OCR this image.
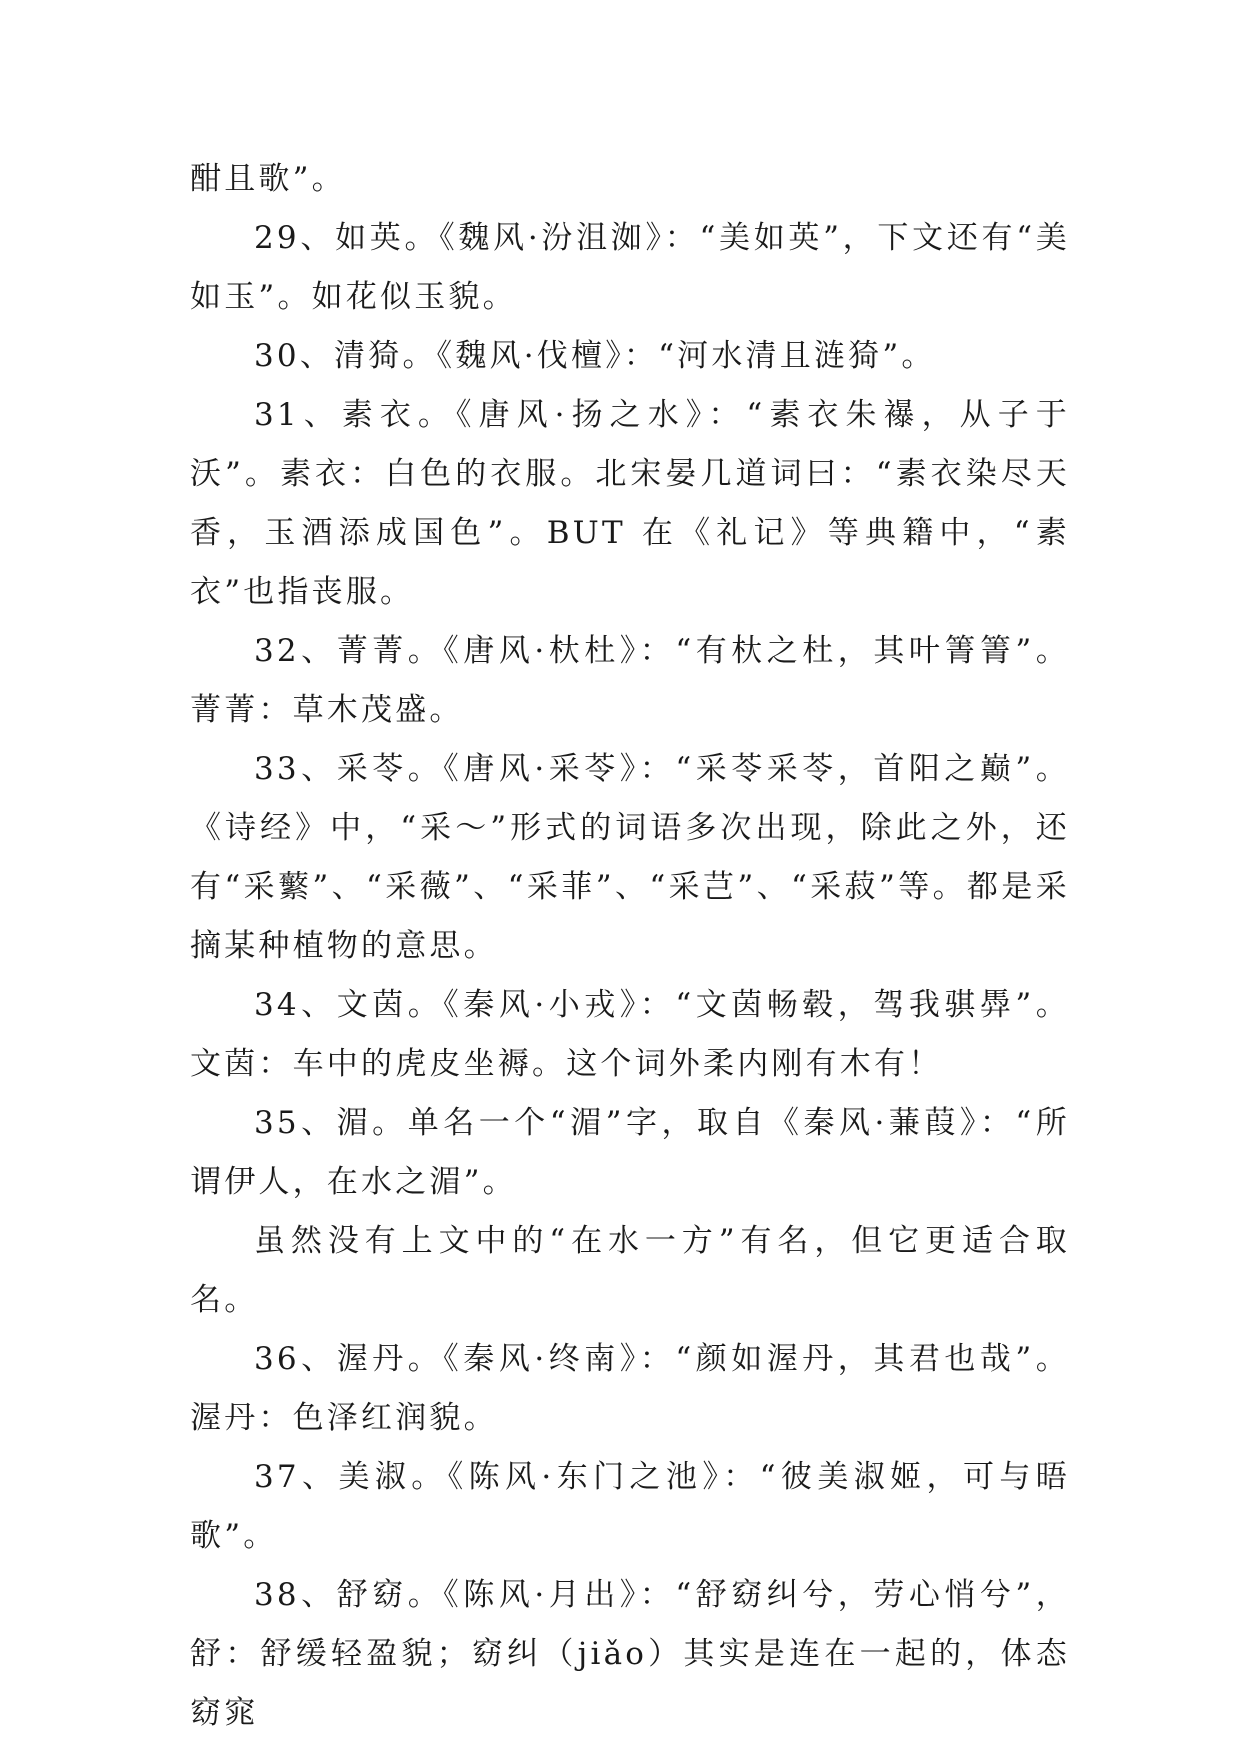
酣且歌”。

29、如英。《魏风·汾沮洳》：“美如英”，下文还有“美如玉”。如花似玉貌。

30、清猗。《魏风·伐檀》：“河水清且涟猗”。

31、素衣。《唐风·扬之水》：“素衣朱襮，从子于沃”。素衣：白色的衣服。北宋晏几道词曰：“素衣染尽天香，玉酒添成国色”。BUT 在《礼记》等典籍中，“素衣”也指丧服。

32、菁菁。《唐风·杕杜》：“有杕之杜，其叶箐箐”。菁菁：草木茂盛。

33、采苓。《唐风·采苓》：“采苓采苓，首阳之巅”。《诗经》中，“采～”形式的词语多次出现，除此之外，还有“采蘩”、“采薇”、“采菲”、“采芑”、“采菽”等。都是采摘某种植物的意思。

34、文茵。《秦风·小戎》：“文茵畅毂，驾我骐馵”。文茵：车中的虎皮坐褥。这个词外柔内刚有木有！

35、湄。单名一个“湄”字，取自《秦风·蒹葭》：“所谓伊人，在水之湄”。

虽然没有上文中的“在水一方”有名，但它更适合取名。

36、渥丹。《秦风·终南》：“颜如渥丹，其君也哉”。渥丹：色泽红润貌。

37、美淑。《陈风·东门之池》：“彼美淑姬，可与晤歌”。

38、舒窈。《陈风·月出》：“舒窈纠兮，劳心悄兮”，舒：舒缓轻盈貌；窈纠（jiǎo）其实是连在一起的，体态窈窕
